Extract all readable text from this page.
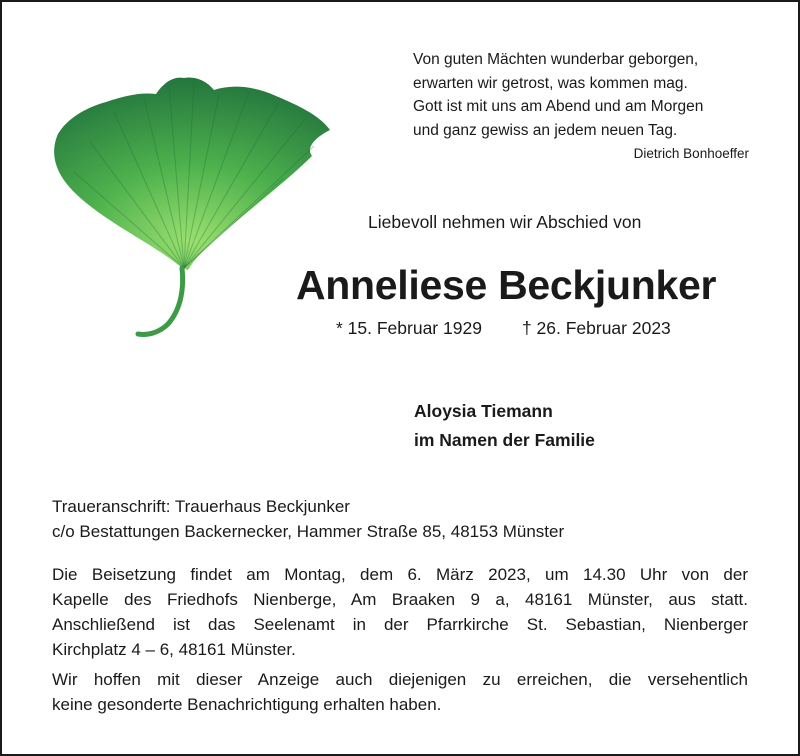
Von guten Mächten wunderbar geborgen,
erwarten wir getrost, was kommen mag.
Gott ist mit uns am Abend und am Morgen
und ganz gewiss an jedem neuen Tag.
Dietrich Bonhoeffer
Liebevoll nehmen wir Abschied von
Anneliese Beckjunker
* 15. Februar 1929 † 26. Februar 2023
Aloysia Tiemann
im Namen der Familie
Traueranschrift: Trauerhaus Beckjunker
c/o Bestattungen Backernecker, Hammer Straße 85, 48153 Münster
Die Beisetzung findet am Montag, dem 6. März 2023, um 14.30 Uhr von der
Kapelle des Friedhofs Nienberge, Am Braaken 9 a, 48161 Münster, aus statt.
Anschließend ist das Seelenamt in der Pfarrkirche St. Sebastian, Nienberger
Kirchplatz 4 – 6, 48161 Münster.
Wir hoffen mit dieser Anzeige auch diejenigen zu erreichen, die versehentlich
keine gesonderte Benachrichtigung erhalten haben.
